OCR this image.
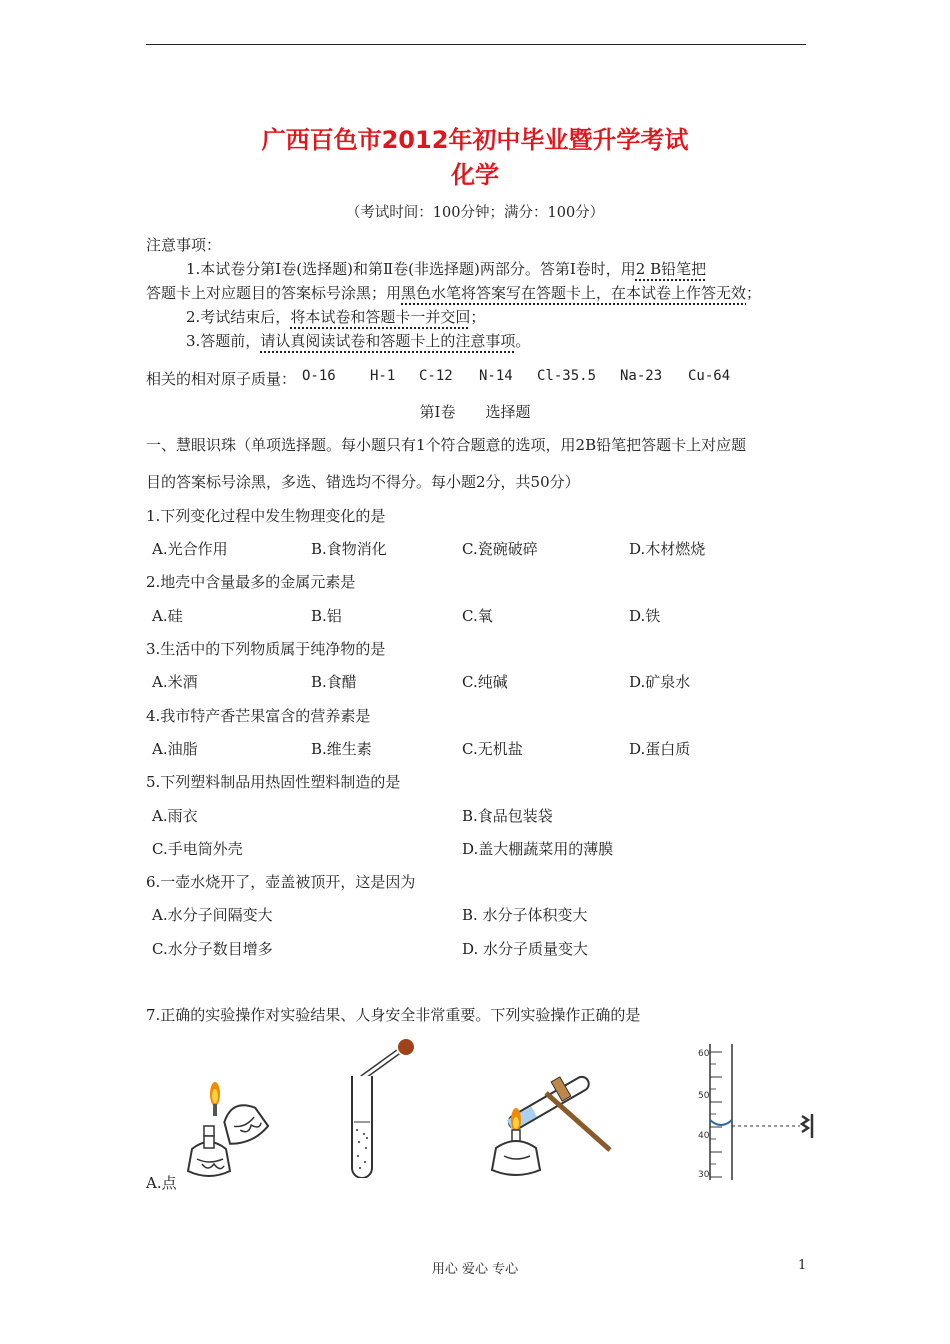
广西百色市2012年初中毕业暨升学考试
化学
（考试时间：100分钟；满分：100分）
注意事项：
1.本试卷分第Ⅰ卷(选择题)和第Ⅱ卷(非选择题)两部分。答第Ⅰ卷时，用2 B铅笔把
答题卡上对应题目的答案标号涂黑；用黑色水笔将答案写在答题卡上，在本试卷上作答无效；
2.考试结束后，将本试卷和答题卡一并交回；
3.答题前，请认真阅读试卷和答题卡上的注意事项。
相关的相对原子质量： O-16 H-1 C-12 N-14 Cl-35.5 Na-23 Cu-64
第Ⅰ卷　　选择题
一、慧眼识珠（单项选择题。每小题只有1个符合题意的选项，用2B铅笔把答题卡上对应题
目的答案标号涂黑，多选、错选均不得分。每小题2分，共50分）
1.下列变化过程中发生物理变化的是
A.光合作用	B.食物消化	C.瓷碗破碎	D.木材燃烧
2.地壳中含量最多的金属元素是
A.硅	B.铝	C.氧	D.铁
3.生活中的下列物质属于纯净物的是
A.米酒	B.食醋	C.纯碱	D.矿泉水
4.我市特产香芒果富含的营养素是
A.油脂	B.维生素	C.无机盐	D.蛋白质
5.下列塑料制品用热固性塑料制造的是
A.雨衣	B.食品包装袋
C.手电筒外壳	D.盖大棚蔬菜用的薄膜
6.一壶水烧开了，壶盖被顶开，这是因为
A.水分子间隔变大	B. 水分子体积变大
C.水分子数目增多	D. 水分子质量变大
7.正确的实验操作对实验结果、人身安全非常重要。下列实验操作正确的是
60
50
40
30
A.点
用心 爱心 专心	1
